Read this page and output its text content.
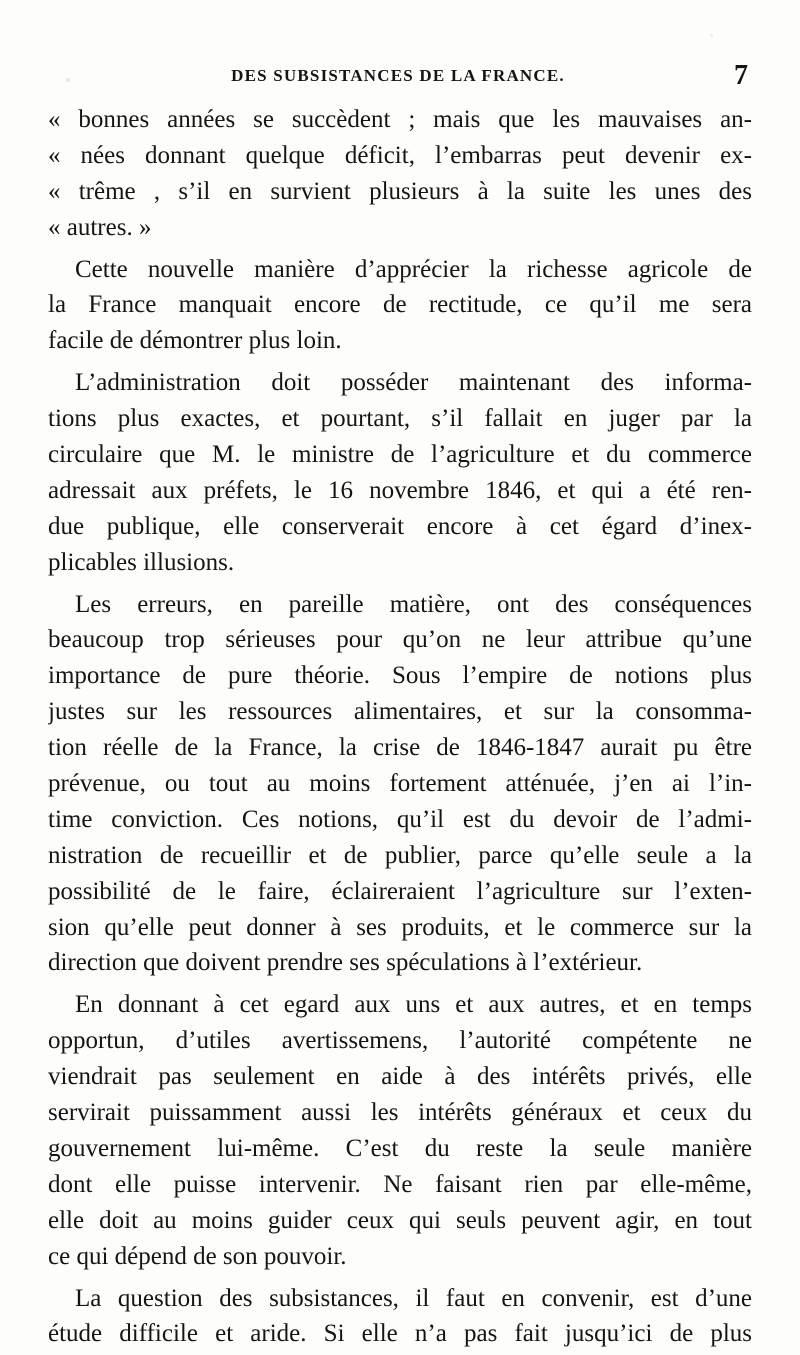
DES SUBSISTANCES DE LA FRANCE.	7
« bonnes années se succèdent ; mais que les mauvaises an-
« nées donnant quelque déficit, l’embarras peut devenir ex-
« trême , s’il en survient plusieurs à la suite les unes des
« autres. »
Cette nouvelle manière d’apprécier la richesse agricole de
la France manquait encore de rectitude, ce qu’il me sera
facile de démontrer plus loin.
L’administration doit posséder maintenant des informa-
tions plus exactes, et pourtant, s’il fallait en juger par la
circulaire que M. le ministre de l’agriculture et du commerce
adressait aux préfets, le 16 novembre 1846, et qui a été ren-
due publique, elle conserverait encore à cet égard d’inex-
plicables illusions.
Les erreurs, en pareille matière, ont des conséquences
beaucoup trop sérieuses pour qu’on ne leur attribue qu’une
importance de pure théorie. Sous l’empire de notions plus
justes sur les ressources alimentaires, et sur la consomma-
tion réelle de la France, la crise de 1846-1847 aurait pu être
prévenue, ou tout au moins fortement atténuée, j’en ai l’in-
time conviction. Ces notions, qu’il est du devoir de l’admi-
nistration de recueillir et de publier, parce qu’elle seule a la
possibilité de le faire, éclaireraient l’agriculture sur l’exten-
sion qu’elle peut donner à ses produits, et le commerce sur la
direction que doivent prendre ses spéculations à l’extérieur.
En donnant à cet egard aux uns et aux autres, et en temps
opportun, d’utiles avertissemens, l’autorité compétente ne
viendrait pas seulement en aide à des intérêts privés, elle
servirait puissamment aussi les intérêts généraux et ceux du
gouvernement lui-même. C’est du reste la seule manière
dont elle puisse intervenir. Ne faisant rien par elle-même,
elle doit au moins guider ceux qui seuls peuvent agir, en tout
ce qui dépend de son pouvoir.
La question des subsistances, il faut en convenir, est d’une
étude difficile et aride. Si elle n’a pas fait jusqu’ici de plus
